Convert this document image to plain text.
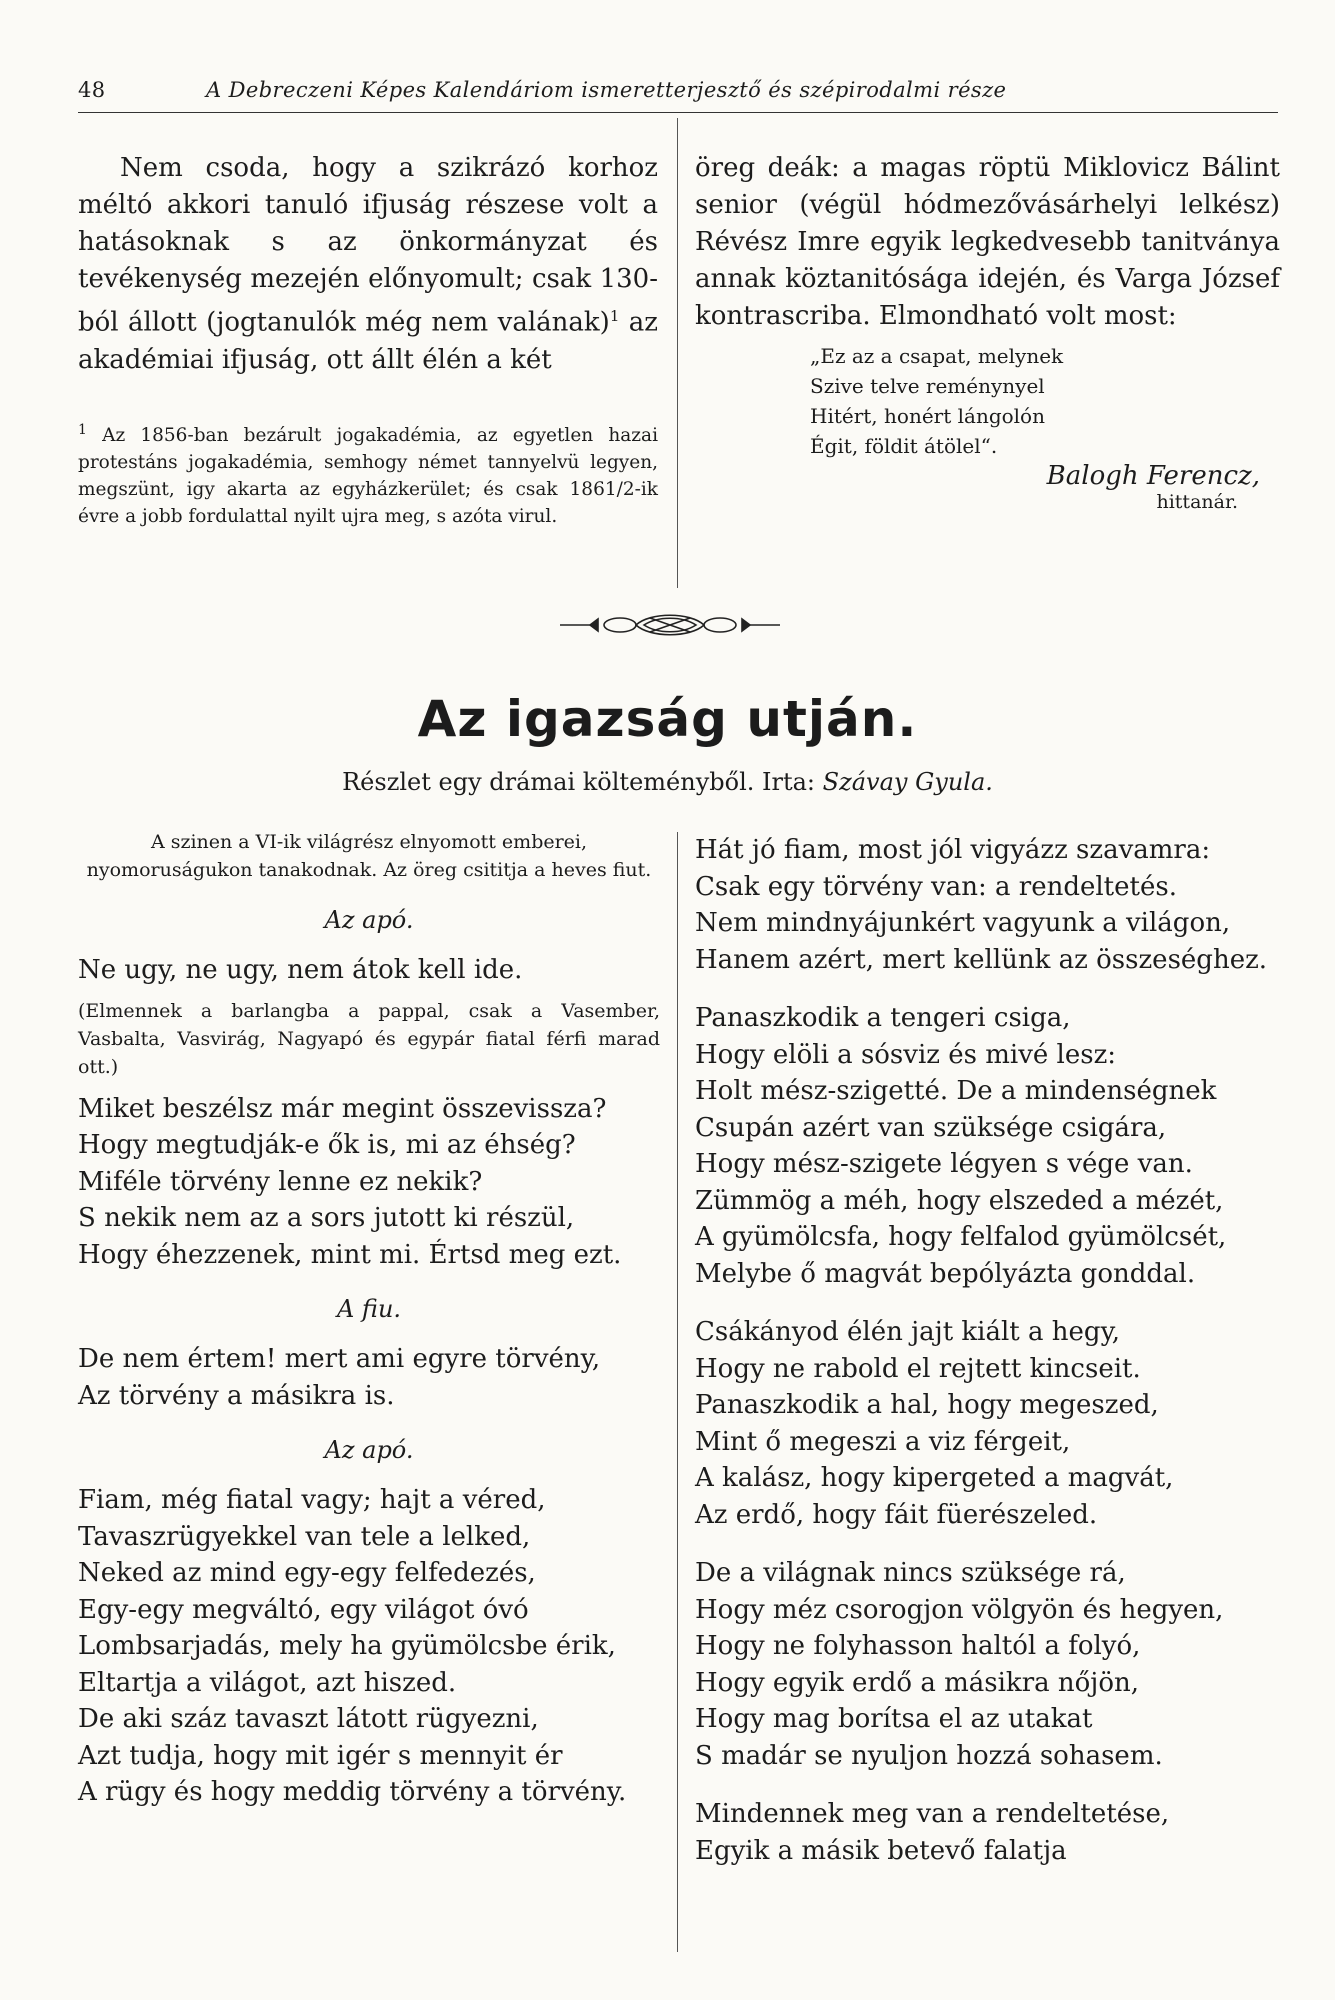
48	A Debreczeni Képes Kalendáriom ismeretterjesztő és szépirodalmi része

Nem csoda, hogy a szikrázó korhoz méltó akkori tanuló ifjuság részese volt a hatásoknak s az önkormányzat és tevékenység mezején előnyomult; csak 130-ból állott (jogtanulók még nem valának)$^1$ az akadémiai ifjuság, ott állt élén a két

$^1$ Az 1856-ban bezárult jogakadémia, az egyetlen hazai protestáns jogakadémia, semhogy német tannyelvü legyen, megszünt, igy akarta az egyházkerület; és csak 1861/2-ik évre a jobb fordulattal nyilt ujra meg, s azóta virul.

öreg deák: a magas röptü Miklovicz Bálint senior (végül hódmezővásárhelyi lelkész) Révész Imre egyik legkedvesebb tanitványa annak köztanitósága idején, és Varga József kontrascriba. Elmondható volt most:

„Ez az a csapat, melynek
Szive telve reménynyel
Hitért, honért lángolón
Égit, földit átölel“.
Balogh Ferencz,
hittanár.
Az igazság utján.
Részlet egy drámai költeményből. Irta: Szávay Gyula.
A szinen a VI-ik világrész elnyomott emberei, nyomoruságukon tanakodnak. Az öreg csititja a heves fiut.
Az apó.
Ne ugy, ne ugy, nem átok kell ide.
(Elmennek a barlangba a pappal, csak a Vasember, Vasbalta, Vasvirág, Nagyapó és egypár fiatal férfi marad ott.)
Miket beszélsz már megint összevissza?
Hogy megtudják-e ők is, mi az éhség?
Miféle törvény lenne ez nekik?
S nekik nem az a sors jutott ki részül,
Hogy éhezzenek, mint mi. Értsd meg ezt.
A fiu.
De nem értem! mert ami egyre törvény,
Az törvény a másikra is.
Az apó.
Fiam, még fiatal vagy; hajt a véred,
Tavaszrügyekkel van tele a lelked,
Neked az mind egy-egy felfedezés,
Egy-egy megváltó, egy világot óvó
Lombsarjadás, mely ha gyümölcsbe érik,
Eltartja a világot, azt hiszed.
De aki száz tavaszt látott rügyezni,
Azt tudja, hogy mit igér s mennyit ér
A rügy és hogy meddig törvény a törvény.
Hát jó fiam, most jól vigyázz szavamra:
Csak egy törvény van: a rendeltetés.
Nem mindnyájunkért vagyunk a világon,
Hanem azért, mert kellünk az összeséghez.
Panaszkodik a tengeri csiga,
Hogy elöli a sósviz és mivé lesz:
Holt mész-szigetté. De a mindenségnek
Csupán azért van szüksége csigára,
Hogy mész-szigete légyen s vége van.
Zümmög a méh, hogy elszeded a mézét,
A gyümölcsfa, hogy felfalod gyümölcsét,
Melybe ő magvát bepólyázta gonddal.
Csákányod élén jajt kiált a hegy,
Hogy ne rabold el rejtett kincseit.
Panaszkodik a hal, hogy megeszed,
Mint ő megeszi a viz férgeit,
A kalász, hogy kipergeted a magvát,
Az erdő, hogy fáit füerészeled.
De a világnak nincs szüksége rá,
Hogy méz csorogjon völgyön és hegyen,
Hogy ne folyhasson haltól a folyó,
Hogy egyik erdő a másikra nőjön,
Hogy mag borítsa el az utakat
S madár se nyuljon hozzá sohasem.
Mindennek meg van a rendeltetése,
Egyik a másik betevő falatja
